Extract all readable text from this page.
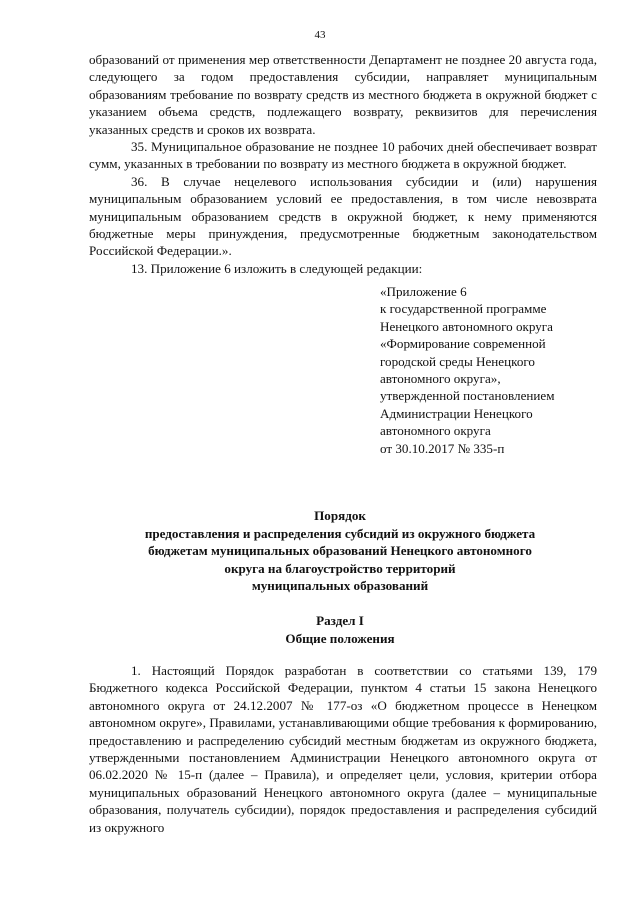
43

образований от применения мер ответственности Департамент не позднее 20 августа года, следующего за годом предоставления субсидии, направляет муниципальным образованиям требование по возврату средств из местного бюджета в окружной бюджет с указанием объема средств, подлежащего возврату, реквизитов для перечисления указанных средств и сроков их возврата.

35. Муниципальное образование не позднее 10 рабочих дней обеспечивает возврат сумм, указанных в требовании по возврату из местного бюджета в окружной бюджет.

36. В случае нецелевого использования субсидии и (или) нарушения муниципальным образованием условий ее предоставления, в том числе невозврата муниципальным образованием средств в окружной бюджет, к нему применяются бюджетные меры принуждения, предусмотренные бюджетным законодательством Российской Федерации.».

13. Приложение 6 изложить в следующей редакции:

«Приложение 6
к государственной программе
Ненецкого автономного округа
«Формирование современной
городской среды Ненецкого
автономного округа»,
утвержденной постановлением
Администрации Ненецкого
автономного округа
от 30.10.2017 № 335-п

Порядок

предоставления и распределения субсидий из окружного бюджета
бюджетам муниципальных образований Ненецкого автономного
округа на благоустройство территорий
муниципальных образований

Раздел I

Общие положения

1. Настоящий Порядок разработан в соответствии со статьями 139, 179 Бюджетного кодекса Российской Федерации, пунктом 4 статьи 15 закона Ненецкого автономного округа от 24.12.2007 № 177-оз «О бюджетном процессе в Ненецком автономном округе», Правилами, устанавливающими общие требования к формированию, предоставлению и распределению субсидий местным бюджетам из окружного бюджета, утвержденными постановлением Администрации Ненецкого автономного округа от 06.02.2020 № 15-п (далее – Правила), и определяет цели, условия, критерии отбора муниципальных образований Ненецкого автономного округа (далее – муниципальные образования, получатель субсидии), порядок предоставления и распределения субсидий из окружного
